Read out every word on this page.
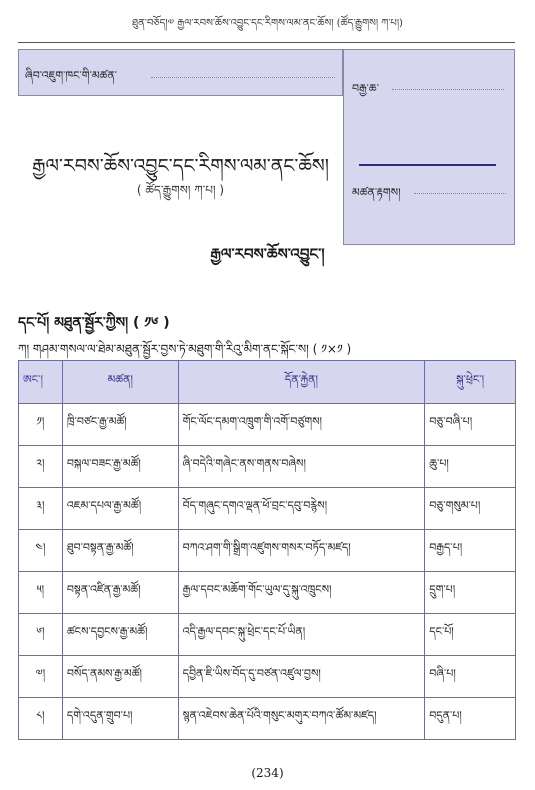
ཐུན་བཅོད།༧ རྒྱལ་རབས་ཆོས་འབྱུང་དང་རིགས་ལམ་ནང་ཆོས། (ཚོད་རྒྱུགས། ཀ་པ།)
ཞིབ་འཇུག་ཁང་གི་མཚན་
བརྒྱ་ཆ་
མཚན་རྟགས།
རྒྱལ་རབས་ཆོས་འབྱུང་དང་རིགས་ལམ་ནང་ཆོས།
( ཚོད་རྒྱུགས། ཀ་པ། )
རྒྱལ་རབས་ཆོས་འབྱུང་།
དང་པོ། མཐུན་སྦྱོར་ཀྱིས། ( ༡༦ )
ཀ། གཤམ་གསལ་ལ་ཐེམ་མཐུན་སྦྱོར་བྱས་ཏེ་མཐུག་གི་རིའུ་མིག་ནང་སྐོང་ས། ( ༡×༡ )
ཨང་།	མཚན།	དོན་རྐྱེན།	སྐུ་ཕྲེང་།
༡།	ཁྲི་བཙང་རྒྱ་མཚོ།	གོང་ལོང་དམག་འཁྲུག་གི་འགོ་བཙུགས།	བཅུ་བཞི་པ།
༢།	བསྐལ་བཟང་རྒྱ་མཚོ།	ཞི་བདེའི་གཞེང་ནས་གནས་བཞེས།	ཆུ་པ།
༣།	འཇམ་དཔལ་རྒྱ་མཚོ།	བོད་གཞུང་དགའ་ལྡན་ཕོ་བྲང་དབུ་བརྙེས།	བཅུ་གསུམ་པ།
༤།	ཐུབ་བསྟན་རྒྱ་མཚོ།	བཀའ་ཤག་གི་སྒྲིག་འཛུགས་གསར་བཏོད་མཛད།	བརྒྱད་པ།
༥།	བསྟན་འཛིན་རྒྱ་མཚོ།	རྒྱལ་དབང་མཆོག་གོང་ཡུལ་དུ་སྐུ་འཁྲུངས།	དྲུག་པ།
༦།	ཚངས་དབྱངས་རྒྱ་མཚོ།	འདི་རྒྱལ་དབང་སྐུ་ཕྲེང་དང་པོ་ཡིན།	དང་པོ།
༧།	བསོད་ནམས་རྒྱ་མཚོ།	དབྱིན་ཇི་ཡིས་བོད་དུ་བཙན་འཛུལ་བྱས།	བཞི་པ།
༨།	དགེ་འདུན་གྲུབ་པ།	སྙན་འཇེབས་ཆེན་པོའི་གསུང་མགུར་བཀའ་ཚོམ་མཛད།	བདུན་པ།
(234)
